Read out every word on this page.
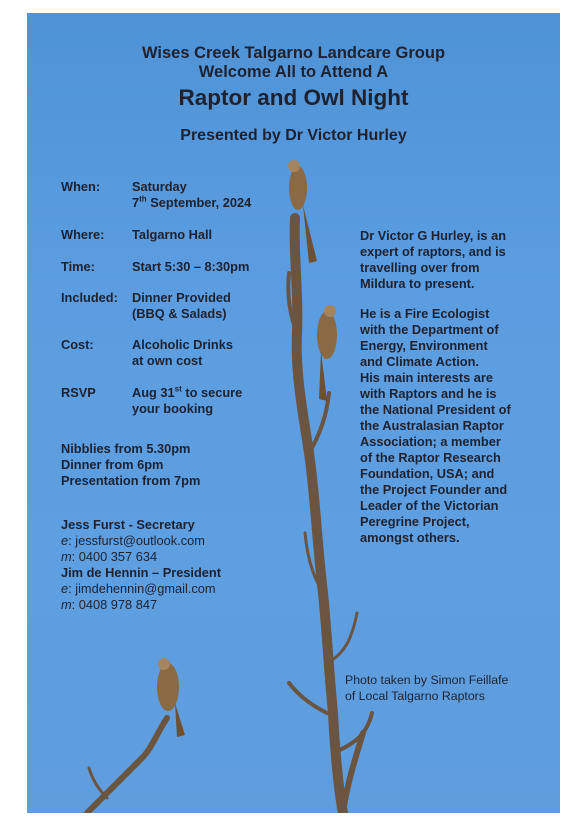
Wises Creek Talgarno Landcare Group
Welcome All to Attend A
Raptor and Owl Night
Presented by Dr Victor Hurley
When: Saturday
7th September, 2024
Where: Talgarno Hall
Time:	Start 5:30 – 8:30pm
Included: Dinner Provided
(BBQ & Salads)
Cost:	Alcoholic Drinks
at own cost
RSVP	Aug 31st to secure
your booking
Nibblies from 5.30pm
Dinner from 6pm
Presentation from 7pm
Jess Furst - Secretary
e: jessfurst@outlook.com
m: 0400 357 634
Jim de Hennin – President
e: jimdehennin@gmail.com
m: 0408 978 847
Dr Victor G Hurley, is an
expert of raptors, and is
travelling over from
Mildura to present.
He is a Fire Ecologist
with the Department of
Energy, Environment
and Climate Action.
His main interests are
with Raptors and he is
the National President of
the Australasian Raptor
Association; a member
of the Raptor Research
Foundation, USA; and
the Project Founder and
Leader of the Victorian
Peregrine Project,
amongst others.
Photo taken by Simon Feillafe
of Local Talgarno Raptors
